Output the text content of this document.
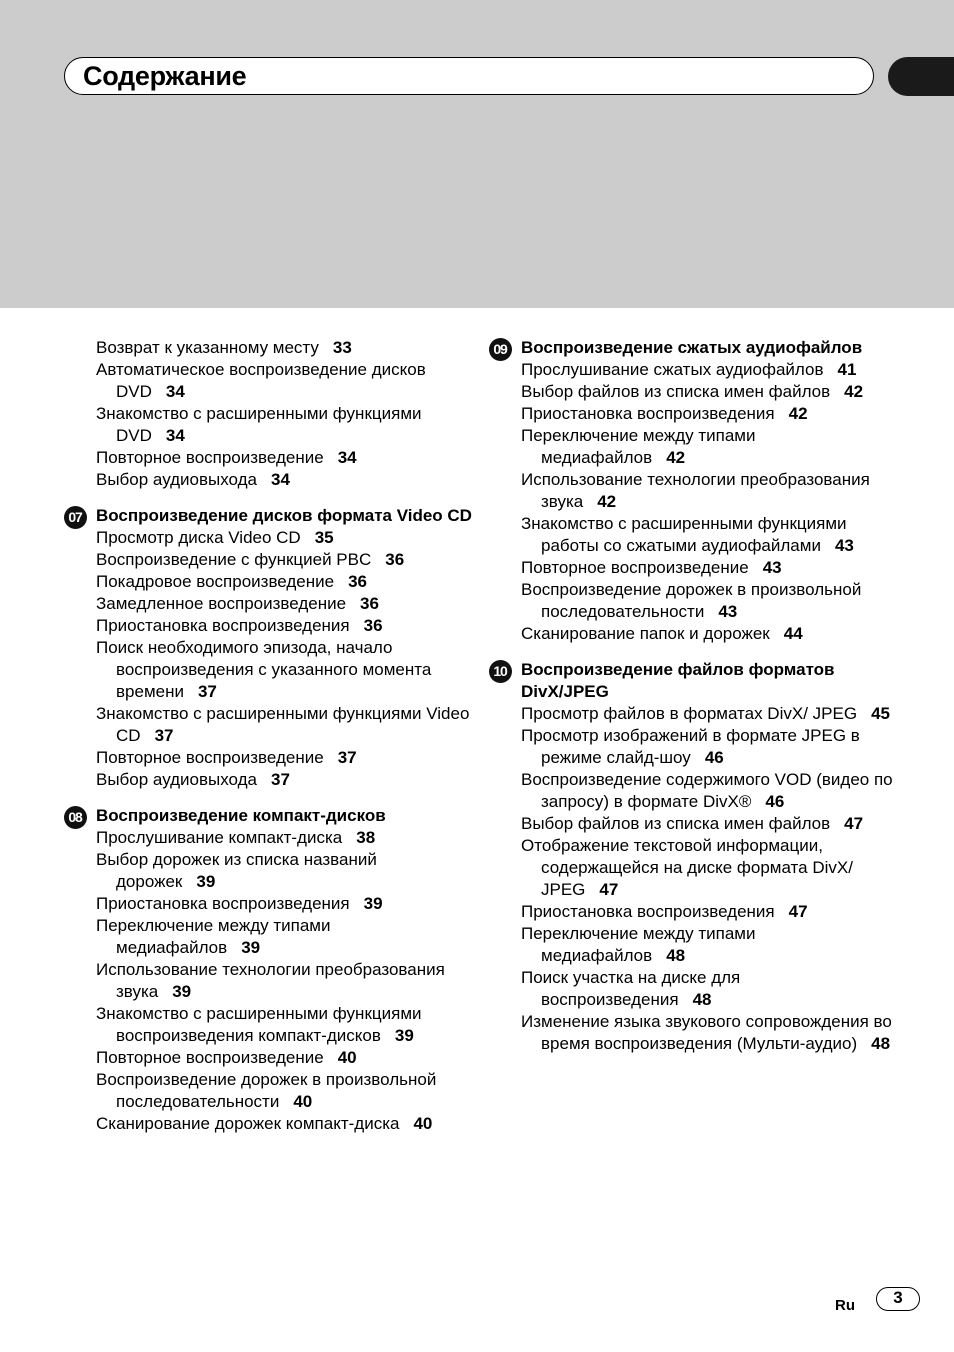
Содержание
Возврат к указанному месту 33
Автоматическое воспроизведение дисков DVD 34
Знакомство с расширенными функциями DVD 34
Повторное воспроизведение 34
Выбор аудиовыхода 34
07 Воспроизведение дисков формата Video CD
Просмотр диска Video CD 35
Воспроизведение с функцией PBC 36
Покадровое воспроизведение 36
Замедленное воспроизведение 36
Приостановка воспроизведения 36
Поиск необходимого эпизода, начало воспроизведения с указанного момента времени 37
Знакомство с расширенными функциями Video CD 37
Повторное воспроизведение 37
Выбор аудиовыхода 37
08 Воспроизведение компакт-дисков
Прослушивание компакт-диска 38
Выбор дорожек из списка названий дорожек 39
Приостановка воспроизведения 39
Переключение между типами медиафайлов 39
Использование технологии преобразования звука 39
Знакомство с расширенными функциями воспроизведения компакт-дисков 39
Повторное воспроизведение 40
Воспроизведение дорожек в произвольной последовательности 40
Сканирование дорожек компакт-диска 40
09 Воспроизведение сжатых аудиофайлов
Прослушивание сжатых аудиофайлов 41
Выбор файлов из списка имен файлов 42
Приостановка воспроизведения 42
Переключение между типами медиафайлов 42
Использование технологии преобразования звука 42
Знакомство с расширенными функциями работы со сжатыми аудиофайлами 43
Повторное воспроизведение 43
Воспроизведение дорожек в произвольной последовательности 43
Сканирование папок и дорожек 44
10 Воспроизведение файлов форматов DivX/JPEG
Просмотр файлов в форматах DivX/ JPEG 45
Просмотр изображений в формате JPEG в режиме слайд-шоу 46
Воспроизведение содержимого VOD (видео по запросу) в формате DivX® 46
Выбор файлов из списка имен файлов 47
Отображение текстовой информации, содержащейся на диске формата DivX/ JPEG 47
Приостановка воспроизведения 47
Переключение между типами медиафайлов 48
Поиск участка на диске для воспроизведения 48
Изменение языка звукового сопровождения во время воспроизведения (Мульти-аудио) 48
Ru	3
